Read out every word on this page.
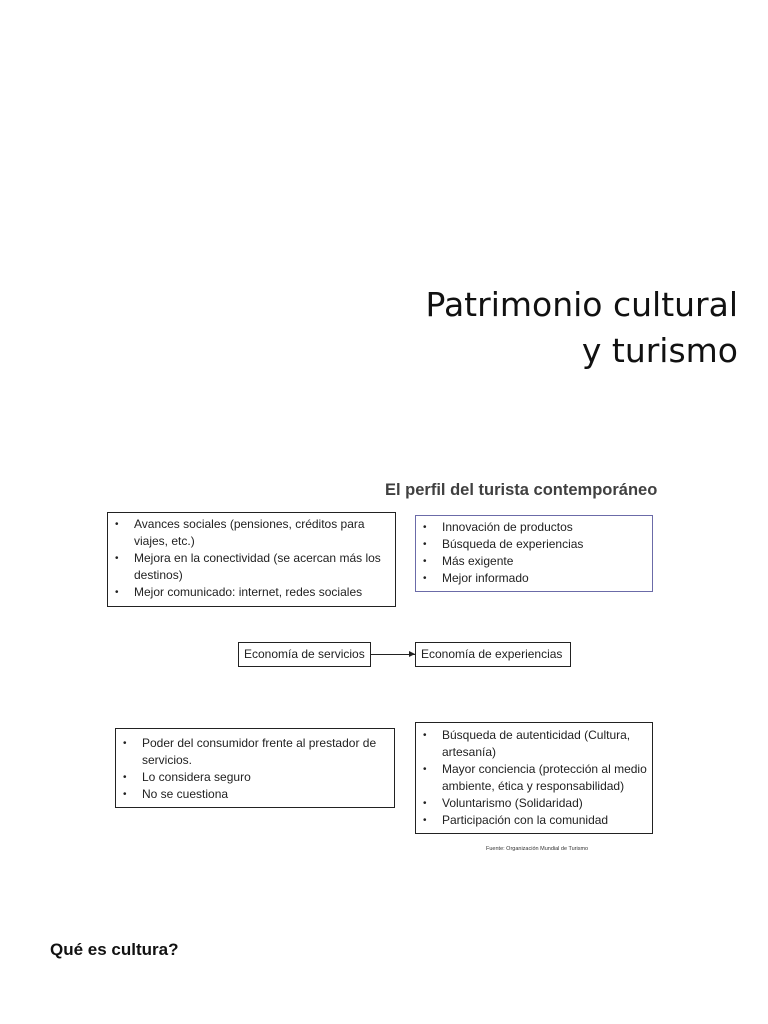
Patrimonio cultural
y turismo
El perfil del turista contemporáneo
• Avances sociales (pensiones, créditos para viajes, etc.)
• Mejora en la conectividad (se acercan más los destinos)
• Mejor comunicado: internet, redes sociales
• Innovación de productos
• Búsqueda de experiencias
• Más exigente
• Mejor informado
Economía de servicios	Economía de experiencias
• Poder del consumidor frente al prestador de servicios.
• Lo considera seguro
• No se cuestiona
• Búsqueda de autenticidad (Cultura, artesanía)
• Mayor conciencia (protección al medio ambiente, ética y responsabilidad)
• Voluntarismo (Solidaridad)
• Participación con la comunidad
Fuente: Organización Mundial de Turismo
Qué es cultura?
